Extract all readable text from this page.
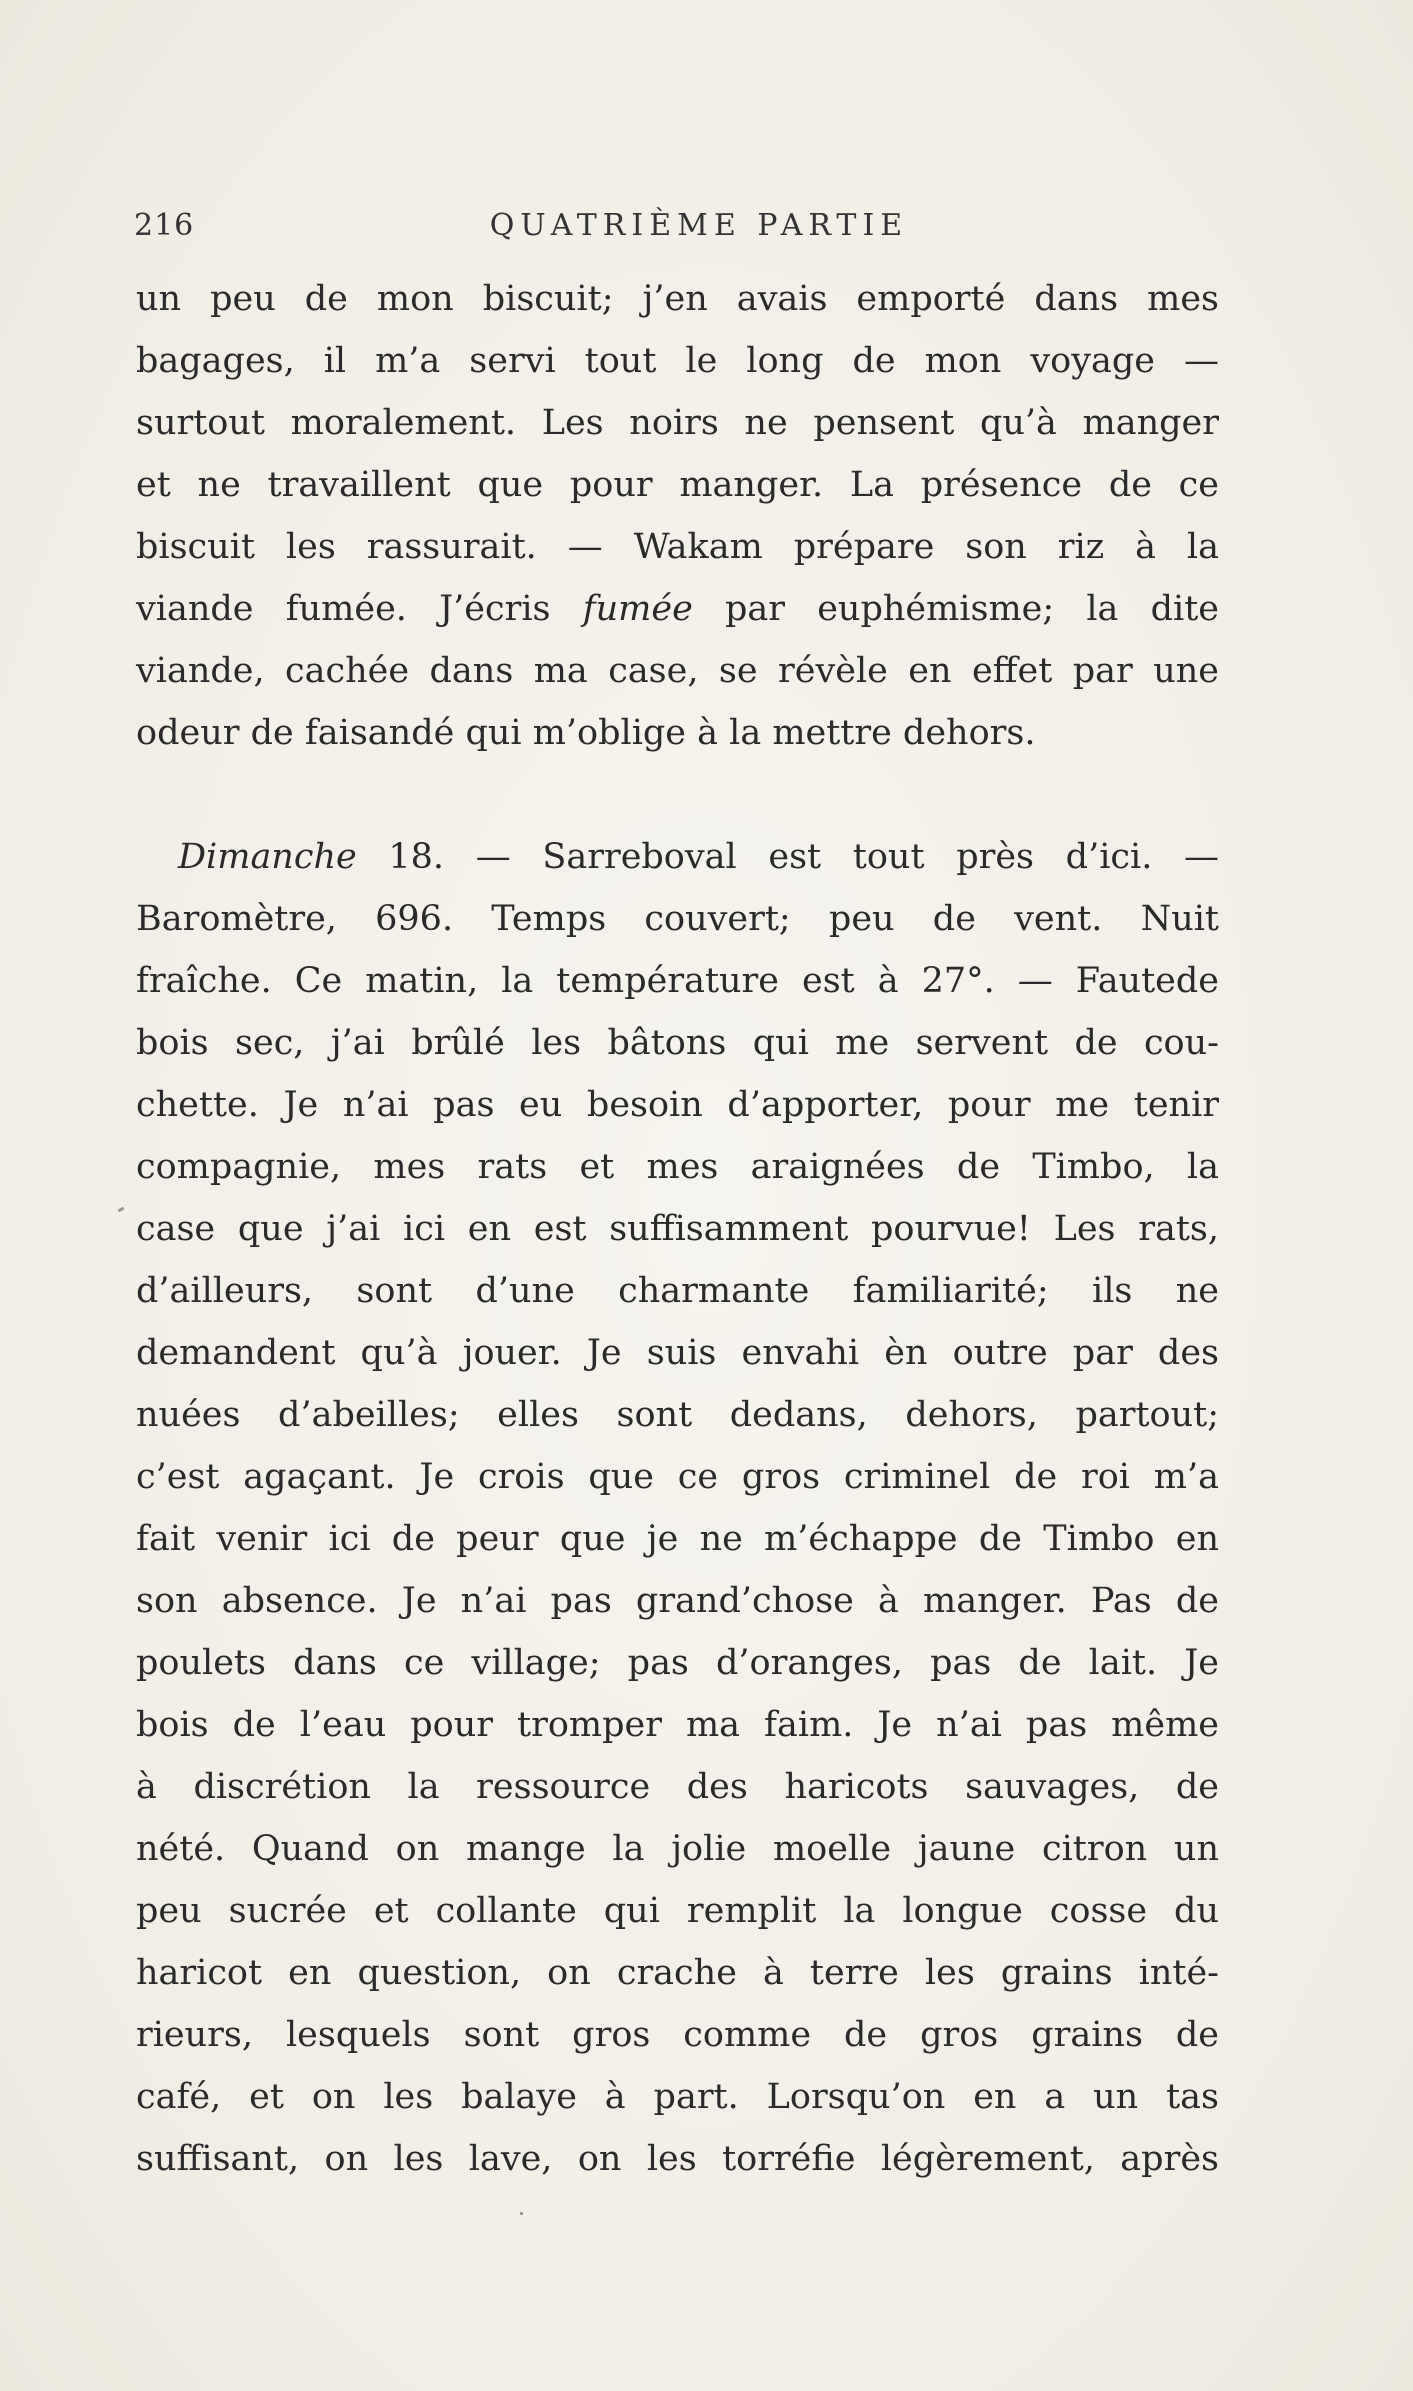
216	QUATRIÈME PARTIE

un peu de mon biscuit; j’en avais emporté dans mes
bagages, il m’a servi tout le long de mon voyage —
surtout moralement. Les noirs ne pensent qu’à manger
et ne travaillent que pour manger. La présence de ce
biscuit les rassurait. — Wakam prépare son riz à la
viande fumée. J’écris fumée par euphémisme; la dite
viande, cachée dans ma case, se révèle en effet par une
odeur de faisandé qui m’oblige à la mettre dehors.

Dimanche 18. — Sarreboval est tout près d’ici. —
Baromètre, 696. Temps couvert; peu de vent. Nuit
fraîche. Ce matin, la température est à 27°. — Fautede
bois sec, j’ai brûlé les bâtons qui me servent de cou-
chette. Je n’ai pas eu besoin d’apporter, pour me tenir
compagnie, mes rats et mes araignées de Timbo, la
case que j’ai ici en est suffisamment pourvue! Les rats,
d’ailleurs, sont d’une charmante familiarité; ils ne
demandent qu’à jouer. Je suis envahi èn outre par des
nuées d’abeilles; elles sont dedans, dehors, partout;
c’est agaçant. Je crois que ce gros criminel de roi m’a
fait venir ici de peur que je ne m’échappe de Timbo en
son absence. Je n’ai pas grand’chose à manger. Pas de
poulets dans ce village; pas d’oranges, pas de lait. Je
bois de l’eau pour tromper ma faim. Je n’ai pas même
à discrétion la ressource des haricots sauvages, de
nété. Quand on mange la jolie moelle jaune citron un
peu sucrée et collante qui remplit la longue cosse du
haricot en question, on crache à terre les grains inté-
rieurs, lesquels sont gros comme de gros grains de
café, et on les balaye à part. Lorsqu’on en a un tas
suffisant, on les lave, on les torréfie légèrement, après
